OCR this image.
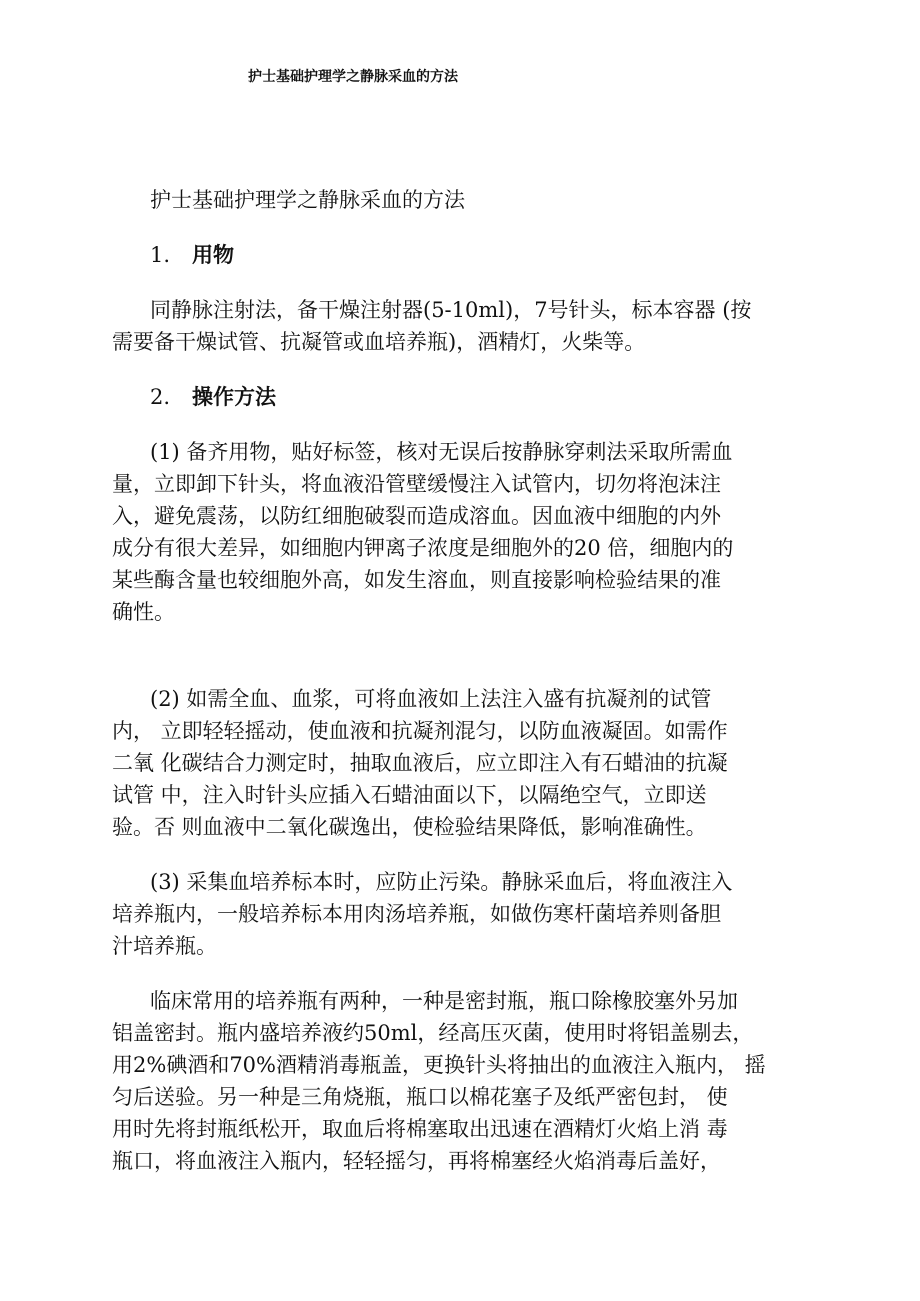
护士基础护理学之静脉采血的方法
护士基础护理学之静脉采血的方法
1. 用物
同静脉注射法，备干燥注射器(5-10ml)，7号针头，标本容器 (按
需要备干燥试管、抗凝管或血培养瓶)，酒精灯，火柴等。
2. 操作方法
(1) 备齐用物，贴好标签，核对无误后按静脉穿刺法采取所需血
量，立即卸下针头，将血液沿管壁缓慢注入试管内，切勿将泡沫注
入，避免震荡，以防红细胞破裂而造成溶血。因血液中细胞的内外
成分有很大差异，如细胞内钾离子浓度是细胞外的20 倍，细胞内的
某些酶含量也较细胞外高，如发生溶血，则直接影响检验结果的准
确性。
(2) 如需全血、血浆，可将血液如上法注入盛有抗凝剂的试管
内， 立即轻轻摇动，使血液和抗凝剂混匀，以防血液凝固。如需作
二氧 化碳结合力测定时，抽取血液后，应立即注入有石蜡油的抗凝
试管 中，注入时针头应插入石蜡油面以下，以隔绝空气，立即送
验。否 则血液中二氧化碳逸出，使检验结果降低，影响准确性。
(3) 采集血培养标本时，应防止污染。静脉采血后，将血液注入
培养瓶内，一般培养标本用肉汤培养瓶，如做伤寒杆菌培养则备胆
汁培养瓶。
临床常用的培养瓶有两种，一种是密封瓶，瓶口除橡胶塞外另加
铝盖密封。瓶内盛培养液约50ml，经高压灭菌，使用时将铝盖剔去，
用2%碘酒和70%酒精消毒瓶盖，更换针头将抽出的血液注入瓶内， 摇
匀后送验。另一种是三角烧瓶，瓶口以棉花塞子及纸严密包封， 使
用时先将封瓶纸松开，取血后将棉塞取出迅速在酒精灯火焰上消 毒
瓶口，将血液注入瓶内，轻轻摇匀，再将棉塞经火焰消毒后盖好，
